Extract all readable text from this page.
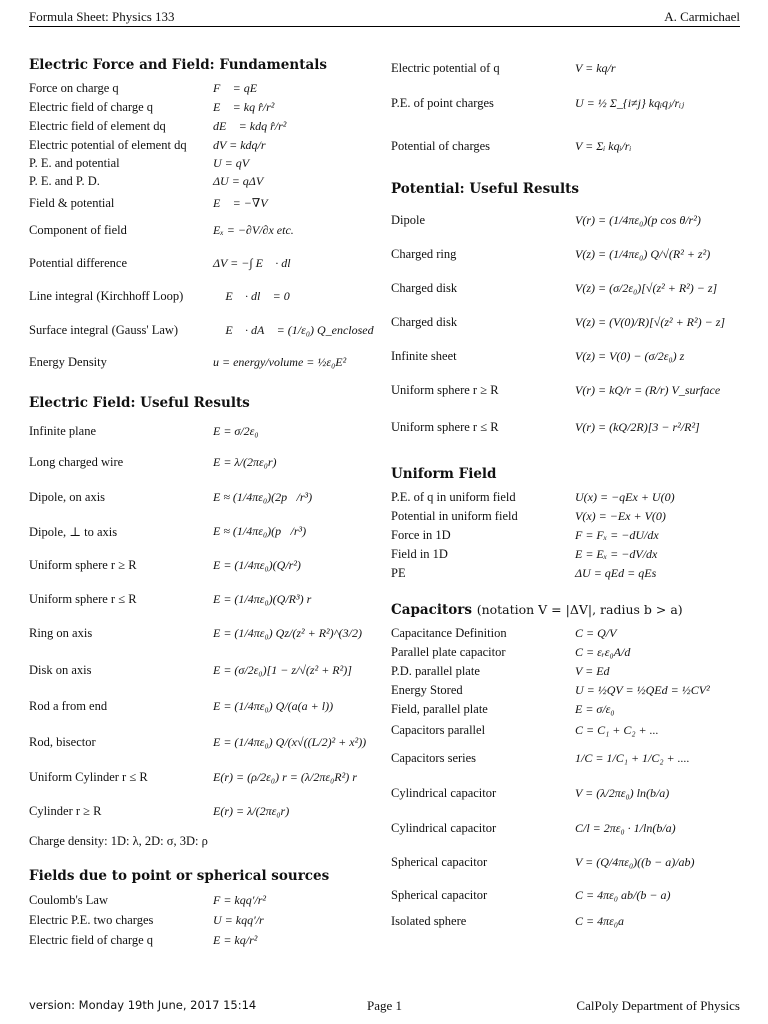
Formula Sheet: Physics 133	A. Carmichael
Electric Force and Field: Fundamentals
Force on charge q	F⃗ = qE⃗
Electric field of charge q	E⃗ = kq r̂/r²
Electric field of element dq	dE⃗ = kdq r̂/r²
Electric potential of element dq	dV = kdq/r
P. E. and potential	U = qV
P. E. and P. D.	ΔU = qΔV
Field & potential	E⃗ = −∇V
Component of field	Eₓ = −∂V/∂x etc.
Potential difference	ΔV = −∫ E⃗ · dl⃗
Line integral (Kirchhoff Loop)	∮ E⃗ · dl⃗ = 0
Surface integral (Gauss' Law)	∮ E⃗ · dA⃗ = (1/ε₀) Q_enclosed
Energy Density	u = energy/volume = ½ε₀E²
Electric Field: Useful Results
Infinite plane	E = σ/2ε₀
Long charged wire	E = λ/(2πε₀r)
Dipole, on axis	E ≈ (1/4πε₀)(2p⃗/r³)
Dipole, ⊥ to axis	E ≈ (1/4πε₀)(p⃗/r³)
Uniform sphere r ≥ R	E = (1/4πε₀)(Q/r²)
Uniform sphere r ≤ R	E = (1/4πε₀)(Q/R³) r
Ring on axis	E = (1/4πε₀) Qz/(z² + R²)^(3/2)
Disk on axis	E = (σ/2ε₀)[1 − z/√(z² + R²)]
Rod a from end	E = (1/4πε₀) Q/(a(a + l))
Rod, bisector	E = (1/4πε₀) Q/(x√((L/2)² + x²))
Uniform Cylinder r ≤ R	E(r) = (ρ/2ε₀) r = (λ/2πε₀R²) r
Cylinder r ≥ R	E(r) = λ/(2πε₀r)
Charge density: 1D: λ, 2D: σ, 3D: ρ
Fields due to point or spherical sources
Coulomb's Law	F = kqq′/r²
Electric P.E. two charges	U = kqq′/r
Electric field of charge q	E = kq/r²
Electric potential of q	V = kq/r
P.E. of point charges	U = ½ Σ_{i≠j} kqᵢqⱼ/rᵢⱼ
Potential of charges	V = Σᵢ kqᵢ/rᵢ
Potential: Useful Results
Dipole	V(r) = (1/4πε₀)(p cos θ/r²)
Charged ring	V(z) = (1/4πε₀) Q/√(R² + z²)
Charged disk	V(z) = (σ/2ε₀)[√(z² + R²) − z]
Charged disk	V(z) = (V(0)/R)[√(z² + R²) − z]
Infinite sheet	V(z) = V(0) − (σ/2ε₀) z
Uniform sphere r ≥ R	V(r) = kQ/r = (R/r) V_surface
Uniform sphere r ≤ R	V(r) = (kQ/2R)[3 − r²/R²]
Uniform Field
P.E. of q in uniform field	U(x) = −qEx + U(0)
Potential in uniform field	V(x) = −Ex + V(0)
Force in 1D	F = Fₓ = −dU/dx
Field in 1D	E = Eₓ = −dV/dx
PE	ΔU = qEd = qEs
Capacitors (notation V = |ΔV|, radius b > a)
Capacitance Definition	C = Q/V
Parallel plate capacitor	C = εᵣε₀A/d
P.D. parallel plate	V = Ed
Energy Stored	U = ½QV = ½QEd = ½CV²
Field, parallel plate	E = σ/ε₀
Capacitors parallel	C = C₁ + C₂ + ...
Capacitors series	1/C = 1/C₁ + 1/C₂ + ....
Cylindrical capacitor	V = (λ/2πε₀) ln(b/a)
Cylindrical capacitor	C/l = 2πε₀ · 1/ln(b/a)
Spherical capacitor	V = (Q/4πε₀)((b − a)/ab)
Spherical capacitor	C = 4πε₀ ab/(b − a)
Isolated sphere	C = 4πε₀a
version: Monday 19th June, 2017 15:14	Page 1	CalPoly Department of Physics
